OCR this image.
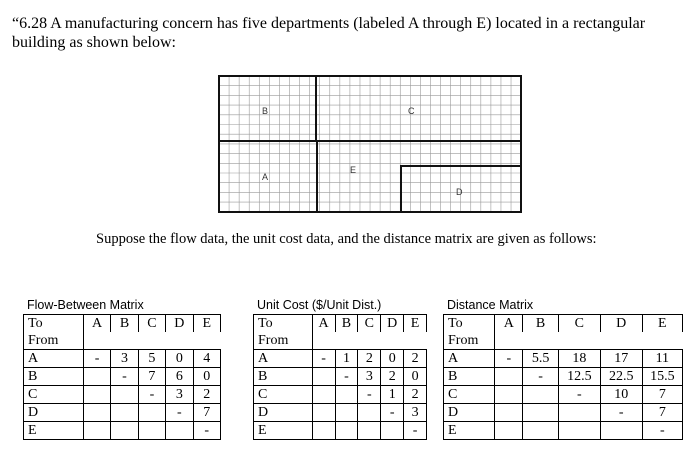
“6.28 A manufacturing concern has five departments (labeled A through E) located in a rectangular building as shown below:
B	C
A
E
D
Suppose the flow data, the unit cost data, and the distance matrix are given as follows:
Flow-Between Matrix
To	A	B	C	D	E
From					
A	-	3	5	0	4
B		-	7	6	0
C			-	3	2
D				-	7
E					-
Unit Cost ($/Unit Dist.)
To	A	B	C	D	E
From					
A	-	1	2	0	2
B		-	3	2	0
C			-	1	2
D				-	3
E					-
Distance Matrix
To	A	B	C	D	E
From					
A	-	5.5	18	17	11
B		-	12.5	22.5	15.5
C			-	10	7
D				-	7
E					-
